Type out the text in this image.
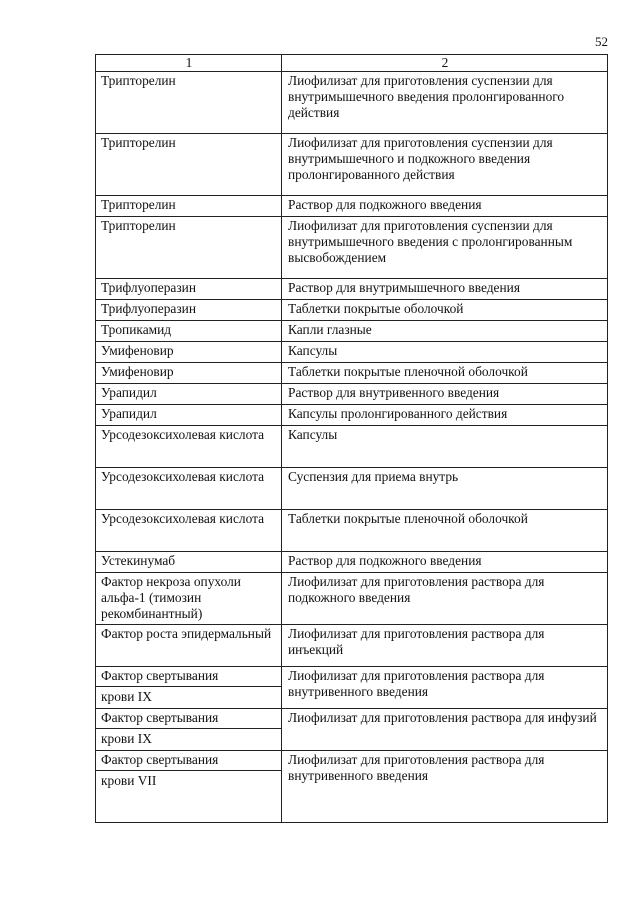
52
1	2
Трипторелин	Лиофилизат для приготовления суспензии для внутримышечного введения пролонгированного действия
Трипторелин	Лиофилизат для приготовления суспензии для внутримышечного и подкожного введения пролонгированного действия
Трипторелин	Раствор для подкожного введения
Трипторелин	Лиофилизат для приготовления суспензии для внутримышечного введения с пролонгированным высвобождением
Трифлуоперазин	Раствор для внутримышечного введения
Трифлуоперазин	Таблетки покрытые оболочкой
Тропикамид	Капли глазные
Умифеновир	Капсулы
Умифеновир	Таблетки покрытые пленочной оболочкой
Урапидил	Раствор для внутривенного введения
Урапидил	Капсулы пролонгированного действия
Урсодезоксихолевая кислота	Капсулы
Урсодезоксихолевая кислота	Суспензия для приема внутрь
Урсодезоксихолевая кислота	Таблетки покрытые пленочной оболочкой
Устекинумаб	Раствор для подкожного введения
Фактор некроза опухоли альфа-1 (тимозин рекомбинантный)	Лиофилизат для приготовления раствора для подкожного введения
Фактор роста эпидермальный	Лиофилизат для приготовления раствора для инъекций

Фактор свертывания
крови IX	Лиофилизат для приготовления раствора для внутривенного введения

Фактор свертывания
крови IX	Лиофилизат для приготовления раствора для инфузий

Фактор свертывания
крови VII	Лиофилизат для приготовления раствора для внутривенного введения
